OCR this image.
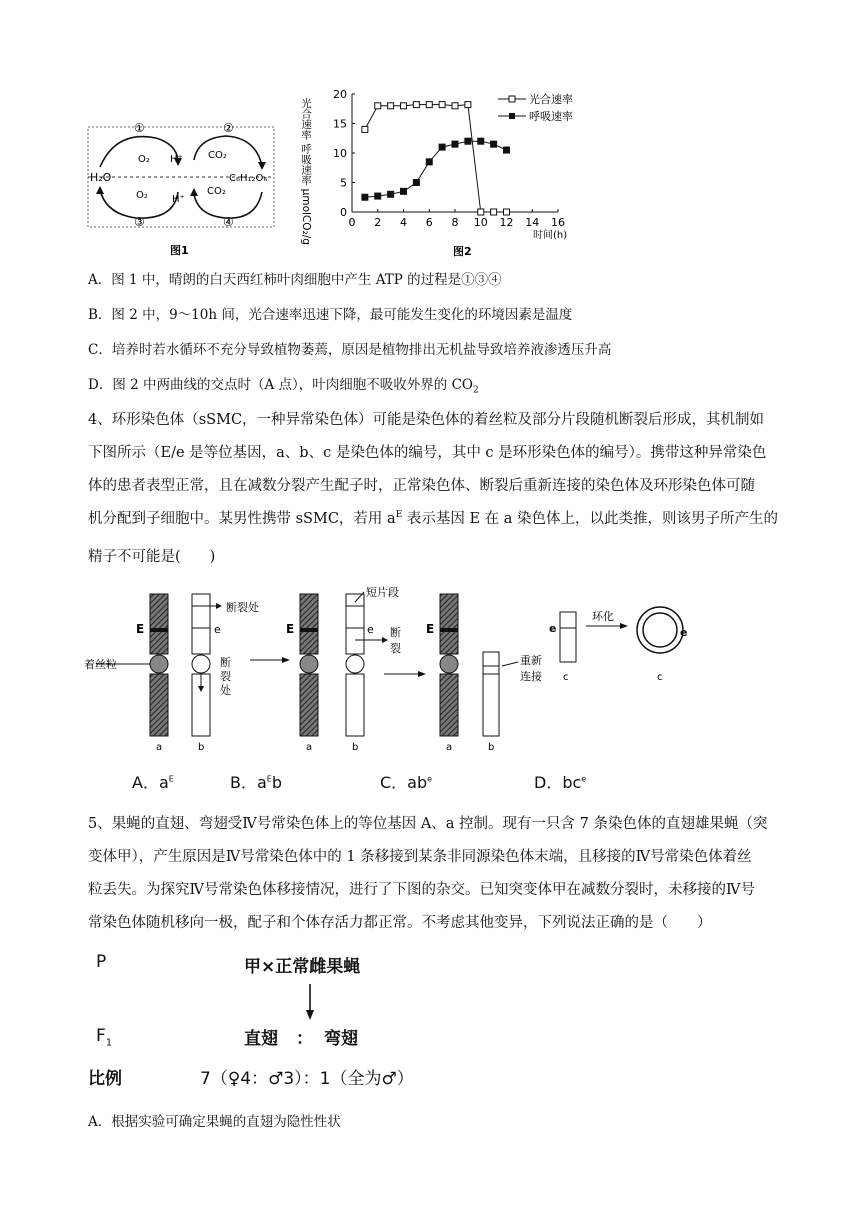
①	②
③	④
O₂ H⁺	CO₂
H₂O	C₆H₁₂O₆
O₂ H⁺
CO₂
图1
0 2 4 6 8 10 12 14 16
0
5
10
15
20
光合速率 呼吸速率 μmolCO₂/g	时间(h)
光合速率
呼吸速率
图2
A．图 1 中，晴朗的白天西红柿叶肉细胞中产生 ATP 的过程是①③④
B．图 2 中，9～10h 间，光合速率迅速下降，最可能发生变化的环境因素是温度
C．培养时若水循环不充分导致植物萎蔫，原因是植物排出无机盐导致培养液渗透压升高
D．图 2 中两曲线的交点时（A 点），叶肉细胞不吸收外界的 $CO_2$
4、环形染色体（sSMC，一种异常染色体）可能是染色体的着丝粒及部分片段随机断裂后形成，其机制如
下图所示（E/e 是等位基因，a、b、c 是染色体的编号，其中 c 是环形染色体的编号）。携带这种异常染色
体的患者表型正常，且在减数分裂产生配子时，正常染色体、断裂后重新连接的染色体及环形染色体可随
机分配到子细胞中。某男性携带 sSMC，若用 $a^E$ 表示基因 E 在 a 染色体上，以此类推，则该男子所产生的
精子不可能是(　　)
E	e
断裂处
断
裂
处
着丝粒
a	b
短片段
E	e 断
裂
a	b
E
重新
连接
a	b
e
c
环化
e
c
A．$a^E$	B．$a^Eb$	C．$ab^e$	D．$bc^e$
5、果蝇的直翅、弯翅受Ⅳ号常染色体上的等位基因 A、a 控制。现有一只含 7 条染色体的直翅雄果蝇（突
变体甲），产生原因是Ⅳ号常染色体中的 1 条移接到某条非同源染色体末端，且移接的Ⅳ号常染色体着丝
粒丢失。为探究Ⅳ号常染色体移接情况，进行了下图的杂交。已知突变体甲在减数分裂时，未移接的Ⅳ号
常染色体随机移向一极，配子和个体存活力都正常。不考虑其他变异，下列说法正确的是（　　）
P	甲×正常雌果蝇
$F_1$	直翅 ： 弯翅
比例	7（♀4：♂3）：1（全为♂）
A．根据实验可确定果蝇的直翅为隐性性状
